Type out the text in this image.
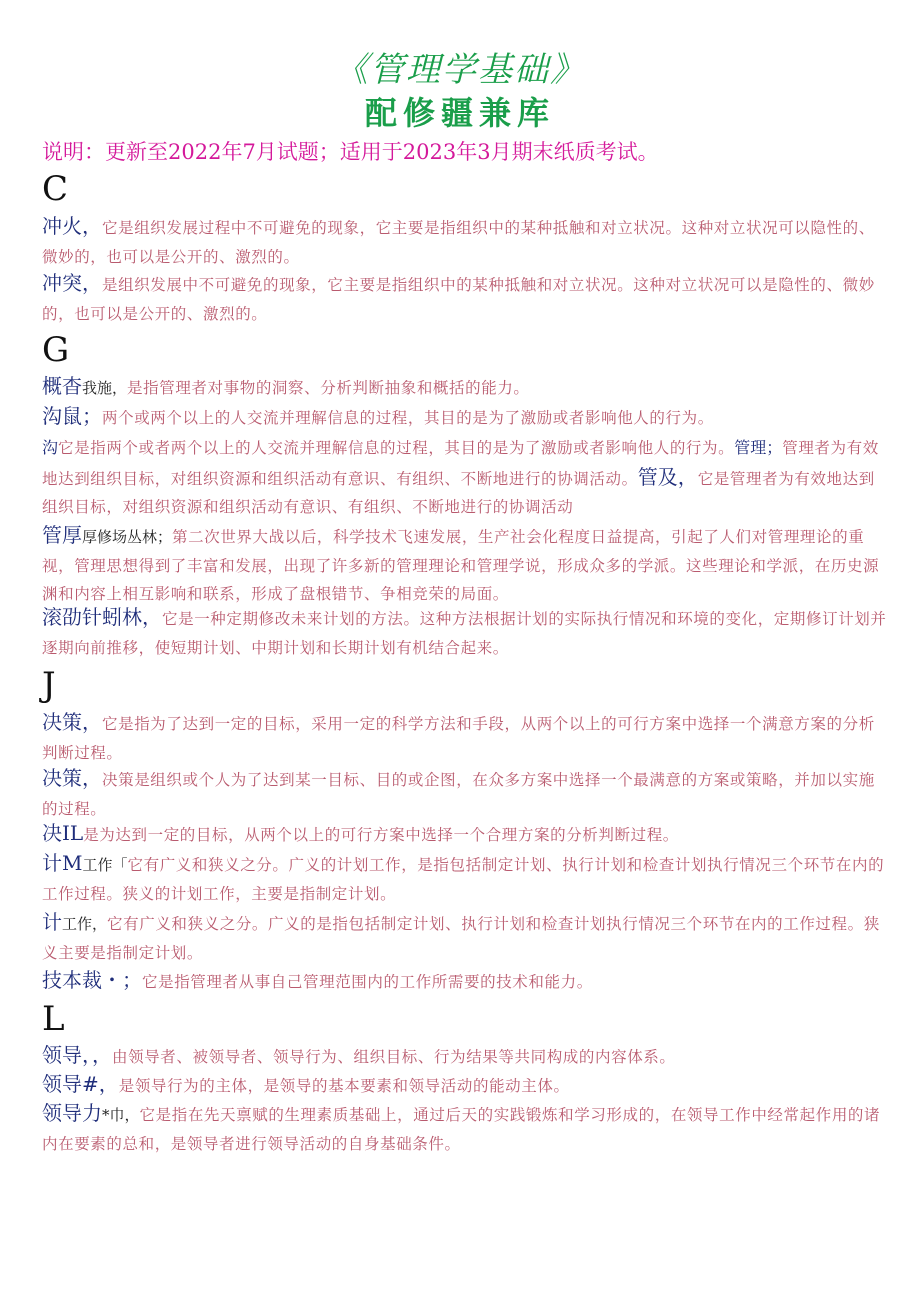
《管理学基础》
配修疆兼库
说明：更新至2022年7月试题；适用于2023年3月期末纸质考试。
C
冲火，它是组织发展过程中不可避免的现象，它主要是指组织中的某种抵触和对立状况。这种对立状况可以隐性的、微妙的，也可以是公开的、激烈的。
冲突，是组织发展中不可避免的现象，它主要是指组织中的某种抵触和对立状况。这种对立状况可以是隐性的、微妙的，也可以是公开的、激烈的。
G
概杳我施，是指管理者对事物的洞察、分析判断抽象和概括的能力。
沟鼠；两个或两个以上的人交流并理解信息的过程，其目的是为了激励或者影响他人的行为。
沟它是指两个或者两个以上的人交流并理解信息的过程，其目的是为了激励或者影响他人的行为。管理；管理者为有效地达到组织目标，对组织资源和组织活动有意识、有组织、不断地进行的协调活动。管及，它是管理者为有效地达到组织目标，对组织资源和组织活动有意识、有组织、不断地进行的协调活动
管厚厚修场丛林；第二次世界大战以后，科学技术飞速发展，生产社会化程度日益提高，引起了人们对管理理论的重视，管理思想得到了丰富和发展，出现了许多新的管理理论和管理学说，形成众多的学派。这些理论和学派，在历史源渊和内容上相互影响和联系，形成了盘根错节、争相竞荣的局面。
滚劭针蚓林，它是一种定期修改未来计划的方法。这种方法根据计划的实际执行情况和环境的变化，定期修订计划并逐期向前推移，使短期计划、中期计划和长期计划有机结合起来。
J
决策，它是指为了达到一定的目标，采用一定的科学方法和手段，从两个以上的可行方案中选择一个满意方案的分析判断过程。
决策，决策是组织或个人为了达到某一目标、目的或企图，在众多方案中选择一个最满意的方案或策略，并加以实施的过程。
决IL是为达到一定的目标，从两个以上的可行方案中选择一个合理方案的分析判断过程。
计M工作「它有广义和狭义之分。广义的计划工作，是指包括制定计划、执行计划和检查计划执行情况三个环节在内的工作过程。狭义的计划工作，主要是指制定计划。
计工作，它有广义和狭义之分。广义的是指包括制定计划、执行计划和检查计划执行情况三个环节在内的工作过程。狭义主要是指制定计划。
技本裁・；它是指管理者从事自己管理范围内的工作所需要的技术和能力。
L
领导，，由领导者、被领导者、领导行为、组织目标、行为结果等共同构成的内容体系。
领导#，是领导行为的主体，是领导的基本要素和领导活动的能动主体。
领导力*巾，它是指在先天禀赋的生理素质基础上，通过后天的实践锻炼和学习形成的，在领导工作中经常起作用的诸内在要素的总和，是领导者进行领导活动的自身基础条件。
